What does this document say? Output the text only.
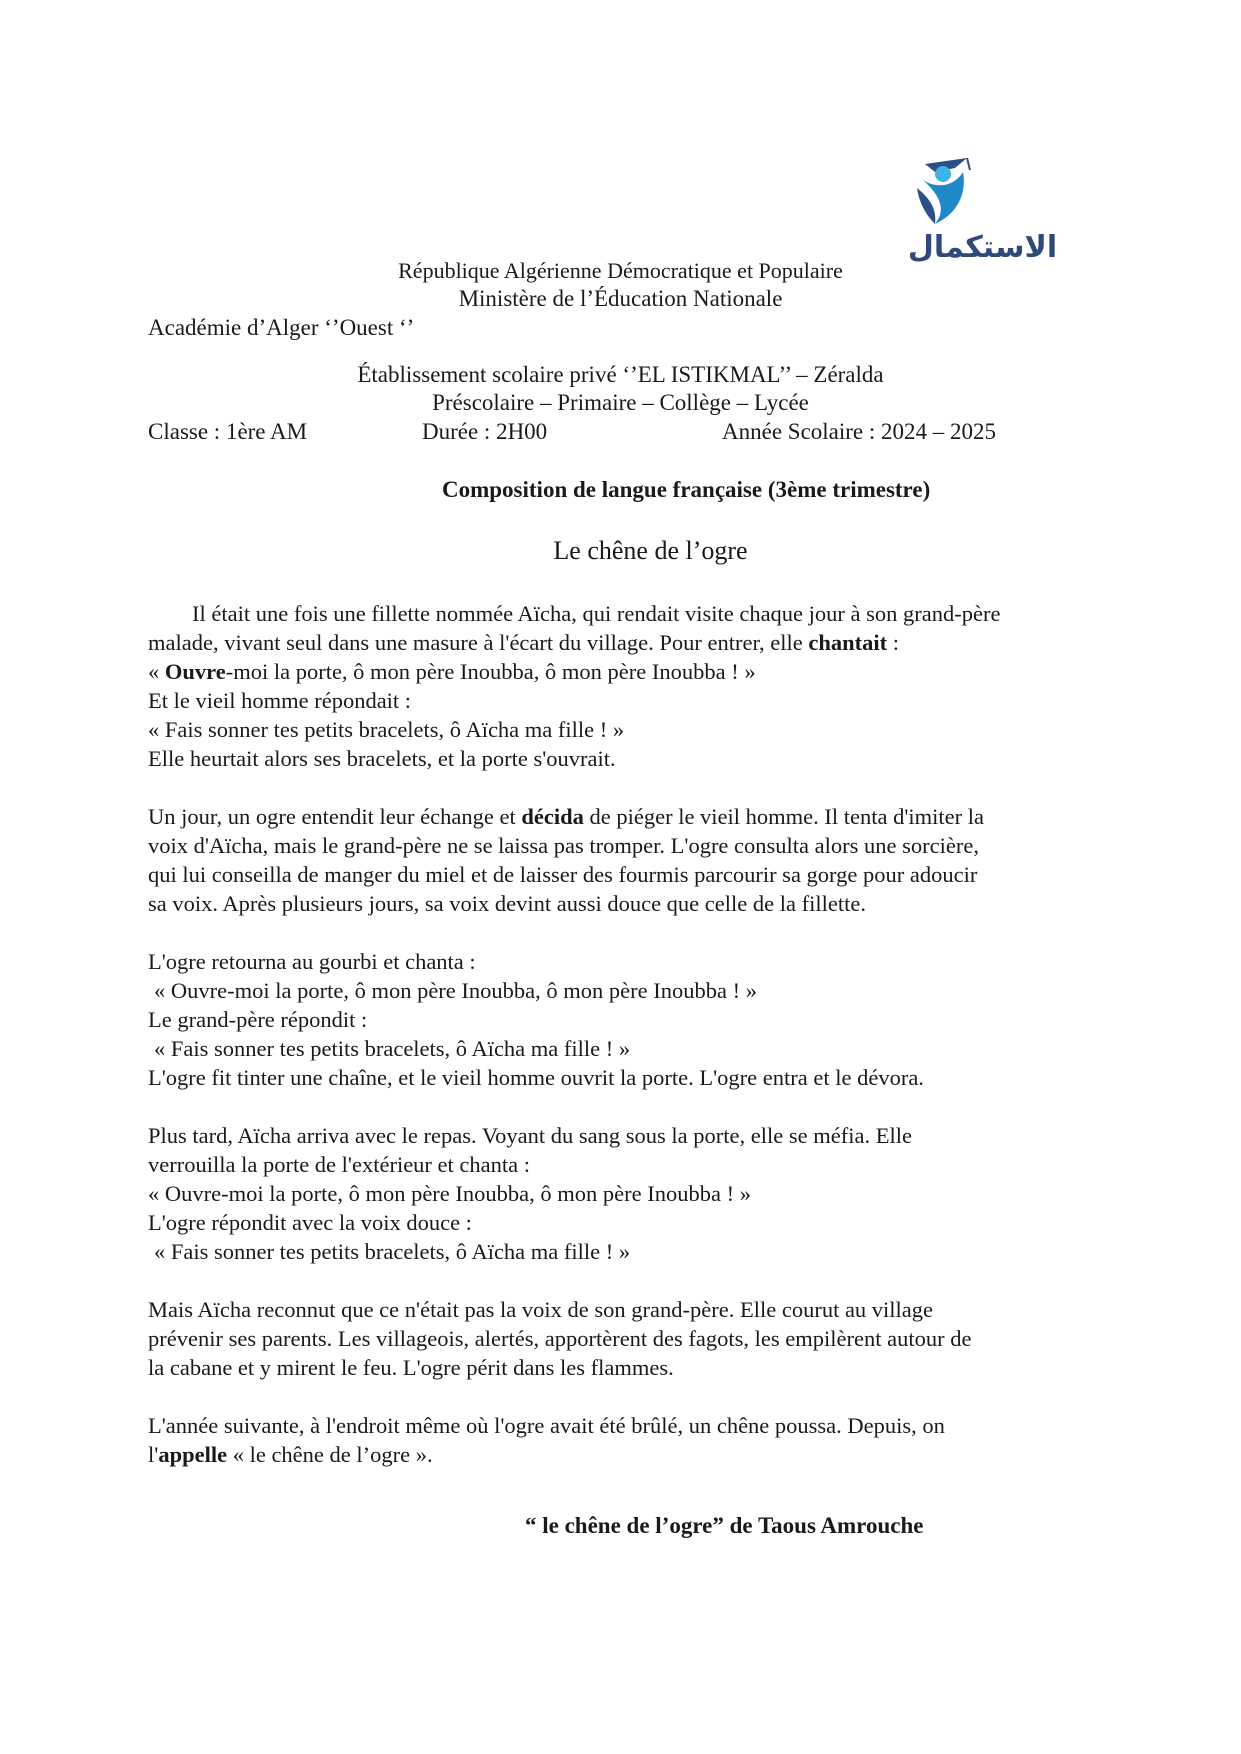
الاستكمال
République Algérienne Démocratique et Populaire
Ministère de l’Éducation Nationale
Académie d’Alger ‘’Ouest ‘’
Établissement scolaire privé ‘’EL ISTIKMAL’’ – Zéralda
Préscolaire – Primaire – Collège – Lycée
Classe : 1ère AM	Durée : 2H00	Année Scolaire : 2024 – 2025
Composition de langue française (3ème trimestre)
Le chêne de l’ogre

Il était une fois une fillette nommée Aïcha, qui rendait visite chaque jour à son grand-père

malade, vivant seul dans une masure à l'écart du village. Pour entrer, elle chantait :

« Ouvre-moi la porte, ô mon père Inoubba, ô mon père Inoubba ! »

Et le vieil homme répondait :

« Fais sonner tes petits bracelets, ô Aïcha ma fille ! »

Elle heurtait alors ses bracelets, et la porte s'ouvrait.

Un jour, un ogre entendit leur échange et décida de piéger le vieil homme. Il tenta d'imiter la

voix d'Aïcha, mais le grand-père ne se laissa pas tromper. L'ogre consulta alors une sorcière,

qui lui conseilla de manger du miel et de laisser des fourmis parcourir sa gorge pour adoucir

sa voix. Après plusieurs jours, sa voix devint aussi douce que celle de la fillette.

L'ogre retourna au gourbi et chanta :

« Ouvre-moi la porte, ô mon père Inoubba, ô mon père Inoubba ! »

Le grand-père répondit :

« Fais sonner tes petits bracelets, ô Aïcha ma fille ! »

L'ogre fit tinter une chaîne, et le vieil homme ouvrit la porte. L'ogre entra et le dévora.

Plus tard, Aïcha arriva avec le repas. Voyant du sang sous la porte, elle se méfia. Elle

verrouilla la porte de l'extérieur et chanta :

« Ouvre-moi la porte, ô mon père Inoubba, ô mon père Inoubba ! »

L'ogre répondit avec la voix douce :

« Fais sonner tes petits bracelets, ô Aïcha ma fille ! »

Mais Aïcha reconnut que ce n'était pas la voix de son grand-père. Elle courut au village

prévenir ses parents. Les villageois, alertés, apportèrent des fagots, les empilèrent autour de

la cabane et y mirent le feu. L'ogre périt dans les flammes.

L'année suivante, à l'endroit même où l'ogre avait été brûlé, un chêne poussa. Depuis, on

l'appelle « le chêne de l’ogre ».

“ le chêne de l’ogre” de Taous Amrouche
